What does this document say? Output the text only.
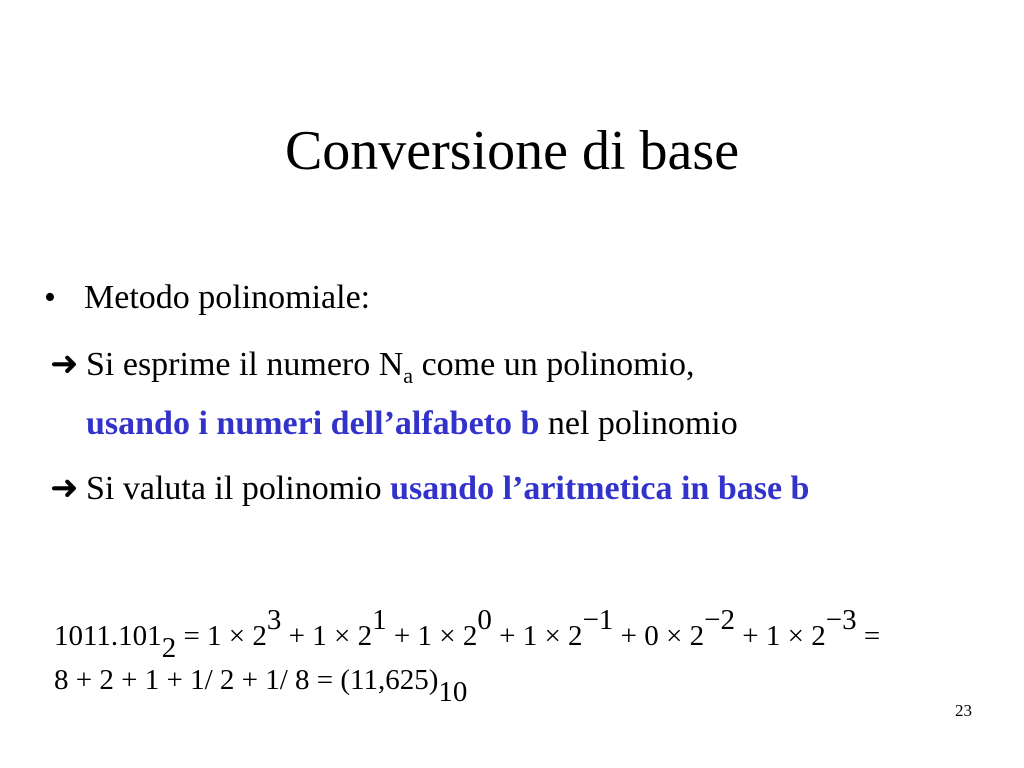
Conversione di base
• Metodo polinomiale:
➜ Si esprime il numero $N_a$ come un polinomio,
usando i numeri dell’alfabeto b nel polinomio
➜ Si valuta il polinomio usando l’aritmetica in base b
1011.1012 = 1 × 23 + 1 × 21 + 1 × 20 + 1 × 2−1 + 0 × 2−2 + 1 × 2−3 =
8 + 2 + 1 + 1/ 2 + 1/ 8 = (11,625)10
23
